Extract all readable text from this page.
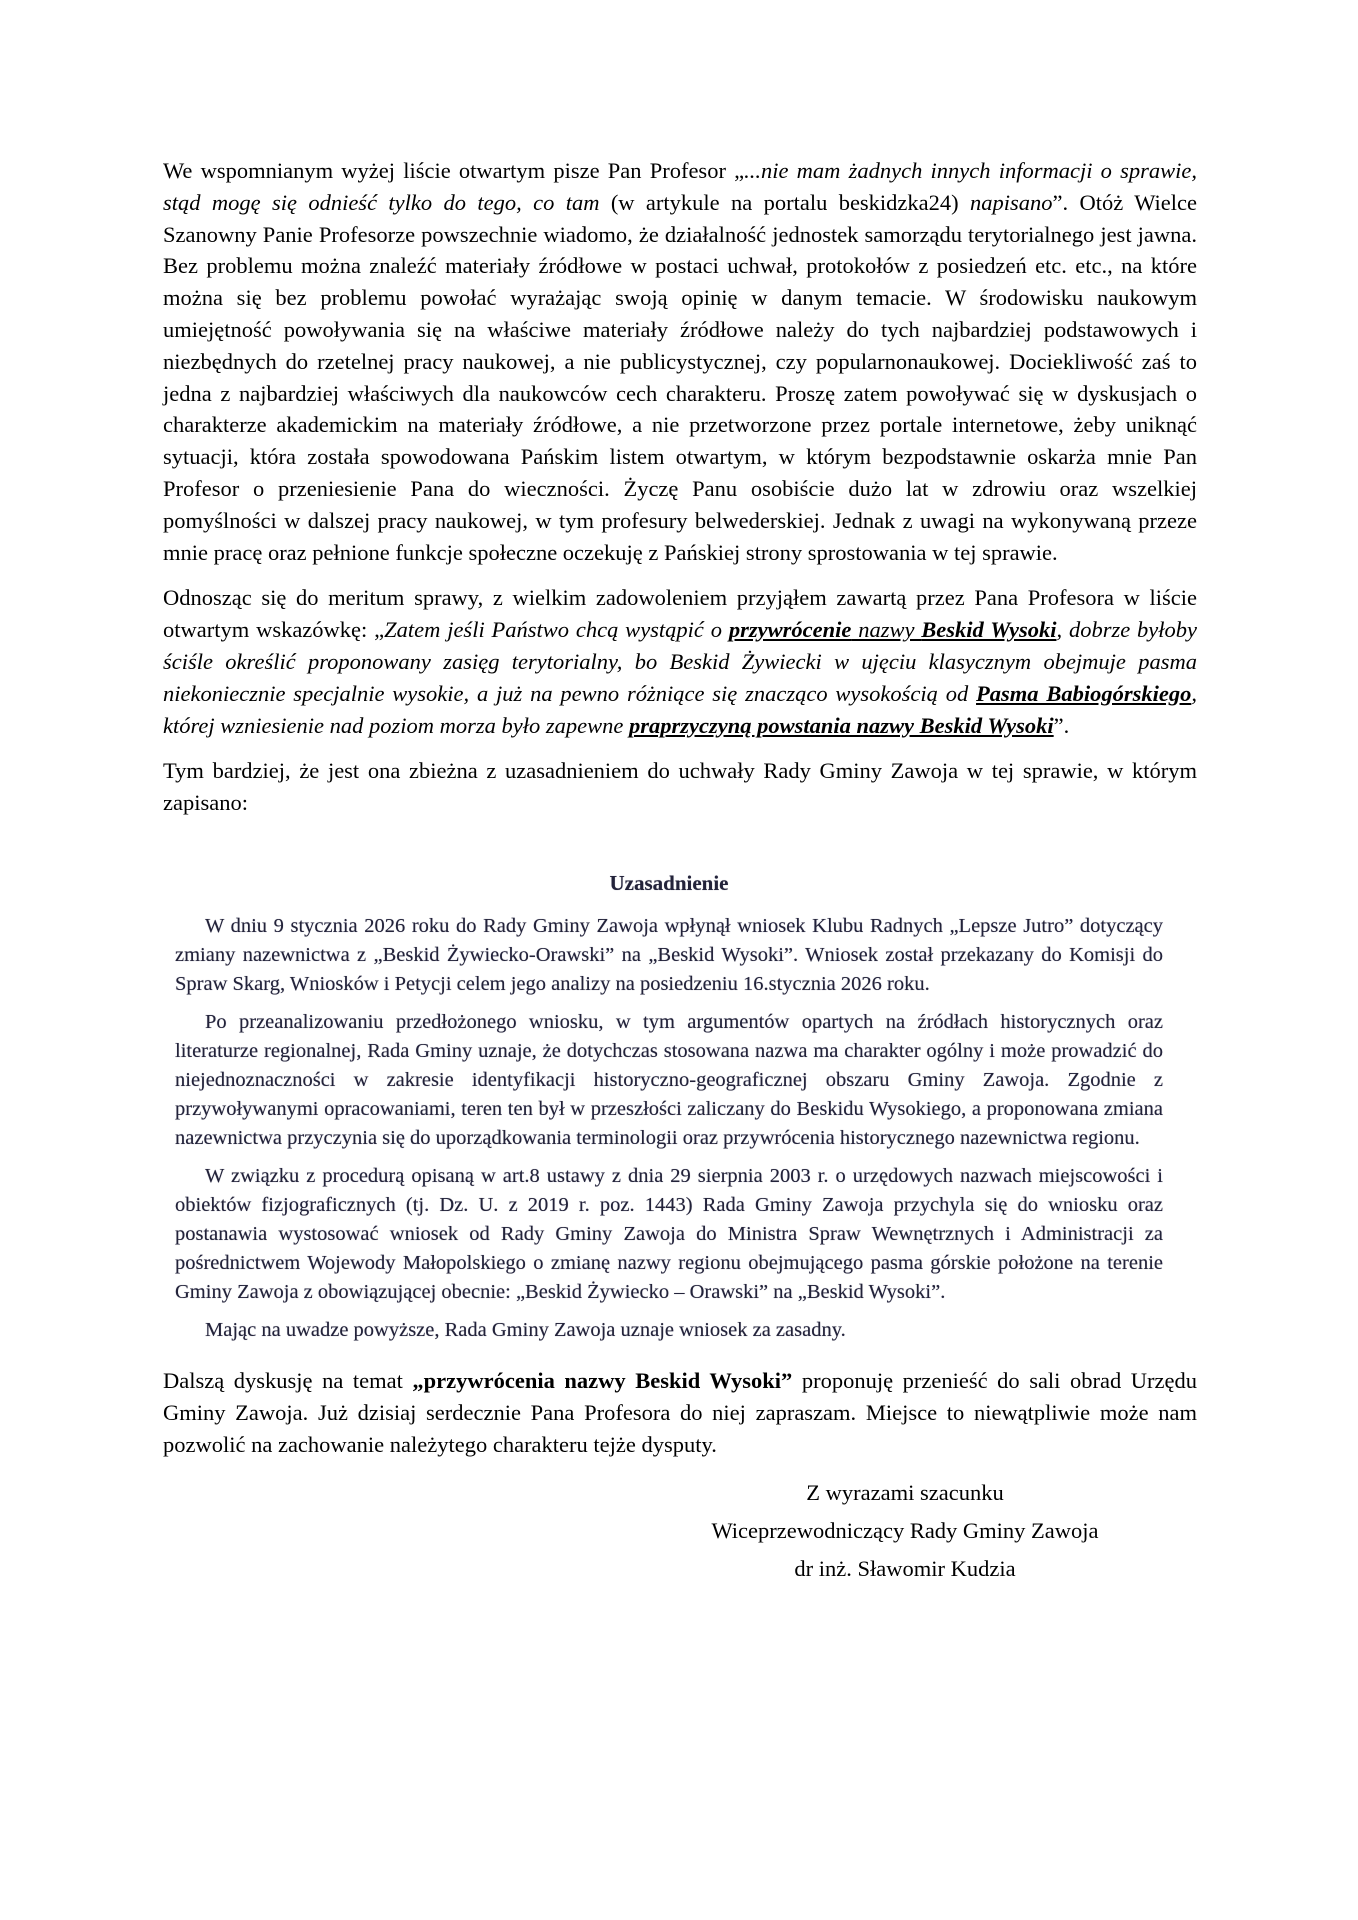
We wspomnianym wyżej liście otwartym pisze Pan Profesor „...nie mam żadnych innych informacji o sprawie, stąd mogę się odnieść tylko do tego, co tam (w artykule na portalu beskidzka24) napisano”. Otóż Wielce Szanowny Panie Profesorze powszechnie wiadomo, że działalność jednostek samorządu terytorialnego jest jawna. Bez problemu można znaleźć materiały źródłowe w postaci uchwał, protokołów z posiedzeń etc. etc., na które można się bez problemu powołać wyrażając swoją opinię w danym temacie. W środowisku naukowym umiejętność powoływania się na właściwe materiały źródłowe należy do tych najbardziej podstawowych i niezbędnych do rzetelnej pracy naukowej, a nie publicystycznej, czy popularnonaukowej. Dociekliwość zaś to jedna z najbardziej właściwych dla naukowców cech charakteru. Proszę zatem powoływać się w dyskusjach o charakterze akademickim na materiały źródłowe, a nie przetworzone przez portale internetowe, żeby uniknąć sytuacji, która została spowodowana Pańskim listem otwartym, w którym bezpodstawnie oskarża mnie Pan Profesor o przeniesienie Pana do wieczności. Życzę Panu osobiście dużo lat w zdrowiu oraz wszelkiej pomyślności w dalszej pracy naukowej, w tym profesury belwederskiej. Jednak z uwagi na wykonywaną przeze mnie pracę oraz pełnione funkcje społeczne oczekuję z Pańskiej strony sprostowania w tej sprawie.

Odnosząc się do meritum sprawy, z wielkim zadowoleniem przyjąłem zawartą przez Pana Profesora w liście otwartym wskazówkę: „Zatem jeśli Państwo chcą wystąpić o przywrócenie nazwy Beskid Wysoki, dobrze byłoby ściśle określić proponowany zasięg terytorialny, bo Beskid Żywiecki w ujęciu klasycznym obejmuje pasma niekoniecznie specjalnie wysokie, a już na pewno różniące się znacząco wysokością od Pasma Babiogórskiego, której wzniesienie nad poziom morza było zapewne praprzyczyną powstania nazwy Beskid Wysoki”.

Tym bardziej, że jest ona zbieżna z uzasadnieniem do uchwały Rady Gminy Zawoja w tej sprawie, w którym zapisano:

Uzasadnienie

W dniu 9 stycznia 2026 roku do Rady Gminy Zawoja wpłynął wniosek Klubu Radnych „Lepsze Jutro” dotyczący zmiany nazewnictwa z „Beskid Żywiecko-Orawski” na „Beskid Wysoki”. Wniosek został przekazany do Komisji do Spraw Skarg, Wniosków i Petycji celem jego analizy na posiedzeniu 16.stycznia 2026 roku.

Po przeanalizowaniu przedłożonego wniosku, w tym argumentów opartych na źródłach historycznych oraz literaturze regionalnej, Rada Gminy uznaje, że dotychczas stosowana nazwa ma charakter ogólny i może prowadzić do niejednoznaczności w zakresie identyfikacji historyczno-geograficznej obszaru Gminy Zawoja. Zgodnie z przywoływanymi opracowaniami, teren ten był w przeszłości zaliczany do Beskidu Wysokiego, a proponowana zmiana nazewnictwa przyczynia się do uporządkowania terminologii oraz przywrócenia historycznego nazewnictwa regionu.

W związku z procedurą opisaną w art.8 ustawy z dnia 29 sierpnia 2003 r. o urzędowych nazwach miejscowości i obiektów fizjograficznych (tj. Dz. U. z 2019 r. poz. 1443) Rada Gminy Zawoja przychyla się do wniosku oraz postanawia wystosować wniosek od Rady Gminy Zawoja do Ministra Spraw Wewnętrznych i Administracji za pośrednictwem Wojewody Małopolskiego o zmianę nazwy regionu obejmującego pasma górskie położone na terenie Gminy Zawoja z obowiązującej obecnie: „Beskid Żywiecko – Orawski” na „Beskid Wysoki”.

Mając na uwadze powyższe, Rada Gminy Zawoja uznaje wniosek za zasadny.

Dalszą dyskusję na temat „przywrócenia nazwy Beskid Wysoki” proponuję przenieść do sali obrad Urzędu Gminy Zawoja. Już dzisiaj serdecznie Pana Profesora do niej zapraszam. Miejsce to niewątpliwie może nam pozwolić na zachowanie należytego charakteru tejże dysputy.

Z wyrazami szacunku
Wiceprzewodniczący Rady Gminy Zawoja
dr inż. Sławomir Kudzia
